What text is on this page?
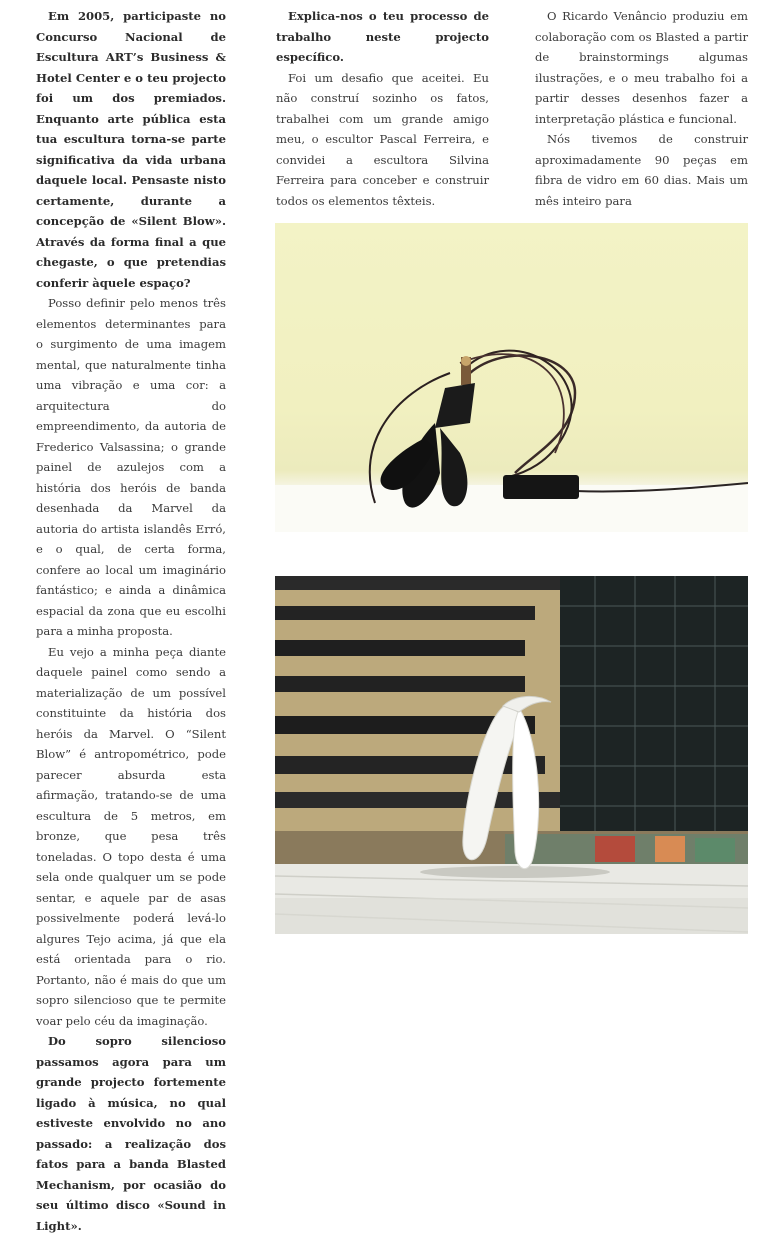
Em 2005, participaste no Concurso Nacional de Escultura ART’s Business & Hotel Center e o teu projecto foi um dos premiados. Enquanto arte pública esta tua escultura torna-se parte significativa da vida urbana daquele local. Pensaste nisto certamente, durante a concepção de «Silent Blow». Através da forma final a que chegaste, o que pretendias conferir àquele espaço?

Posso definir pelo menos três elementos determinantes para o surgimento de uma imagem mental, que naturalmente tinha uma vibração e uma cor: a arquitectura do empreendimento, da autoria de Frederico Valsassina; o grande painel de azulejos com a história dos heróis de banda desenhada da Marvel da autoria do artista islandês Erró, e o qual, de certa forma, confere ao local um imaginário fantástico; e ainda a dinâmica espacial da zona que eu escolhi para a minha proposta.

Eu vejo a minha peça diante daquele painel como sendo a materialização de um possível constituinte da história dos heróis da Marvel. O “Silent Blow” é antropométrico, pode parecer absurda esta afirmação, tratando-se de uma escultura de 5 metros, em bronze, que pesa três toneladas. O topo desta é uma sela onde qualquer um se pode sentar, e aquele par de asas possivelmente poderá levá-lo algures Tejo acima, já que ela está orientada para o rio. Portanto, não é mais do que um sopro silencioso que te permite voar pelo céu da imaginação.

Do sopro silencioso passamos agora para um grande projecto fortemente ligado à música, no qual estiveste envolvido no ano passado: a realização dos fatos para a banda Blasted Mechanism, por ocasião do seu último disco «Sound in Light».

Explica-nos o teu processo de trabalho neste projecto específico.

Foi um desafio que aceitei. Eu não construí sozinho os fatos, trabalhei com um grande amigo meu, o escultor Pascal Ferreira, e convidei a escultora Silvina Ferreira para conceber e construir todos os elementos têxteis.

O Ricardo Venâncio produziu em colaboração com os Blasted a partir de brainstormings algumas ilustrações, e o meu trabalho foi a partir desses desenhos fazer a interpretação plástica e funcional.

Nós tivemos de construir aproximadamente 90 peças em fibra de vidro em 60 dias. Mais um mês inteiro para
